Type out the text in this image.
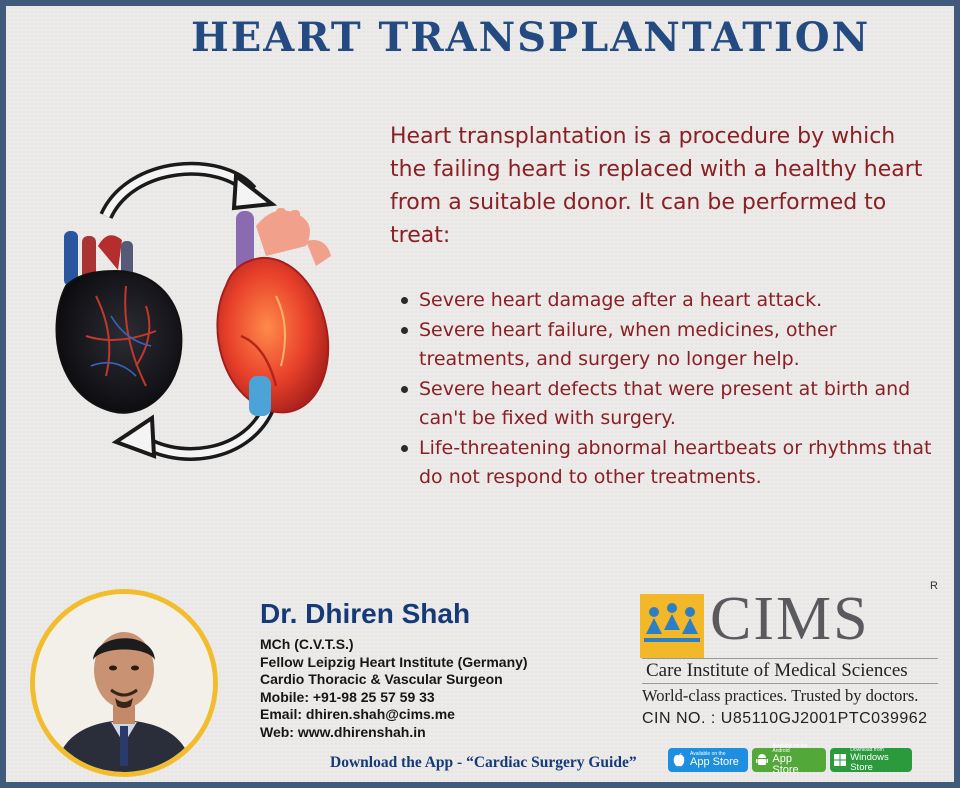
HEART TRANSPLANTATION
Heart transplantation is a procedure by which the failing heart is replaced with a healthy heart from a suitable donor. It can be performed to treat:
Severe heart damage after a heart attack.
Severe heart failure, when medicines, other treatments, and surgery no longer help.
Severe heart defects that were present at birth and can't be fixed with surgery.
Life-threatening abnormal heartbeats or rhythms that do not respond to other treatments.
Dr. Dhiren Shah
MCh (C.V.T.S.)
Fellow Leipzig Heart Institute (Germany)
Cardio Thoracic & Vascular Surgeon
Mobile: +91-98 25 57 59 33
Email: dhiren.shah@cims.me
Web: www.dhirenshah.in
CIMS	R
Care Institute of Medical Sciences
World-class practices. Trusted by doctors.
CIN NO. : U85110GJ2001PTC039962
Download the App - “Cardiac Surgery Guide”	Available on the
App Store
Available on the Android
App Store
Download from
Windows Store
